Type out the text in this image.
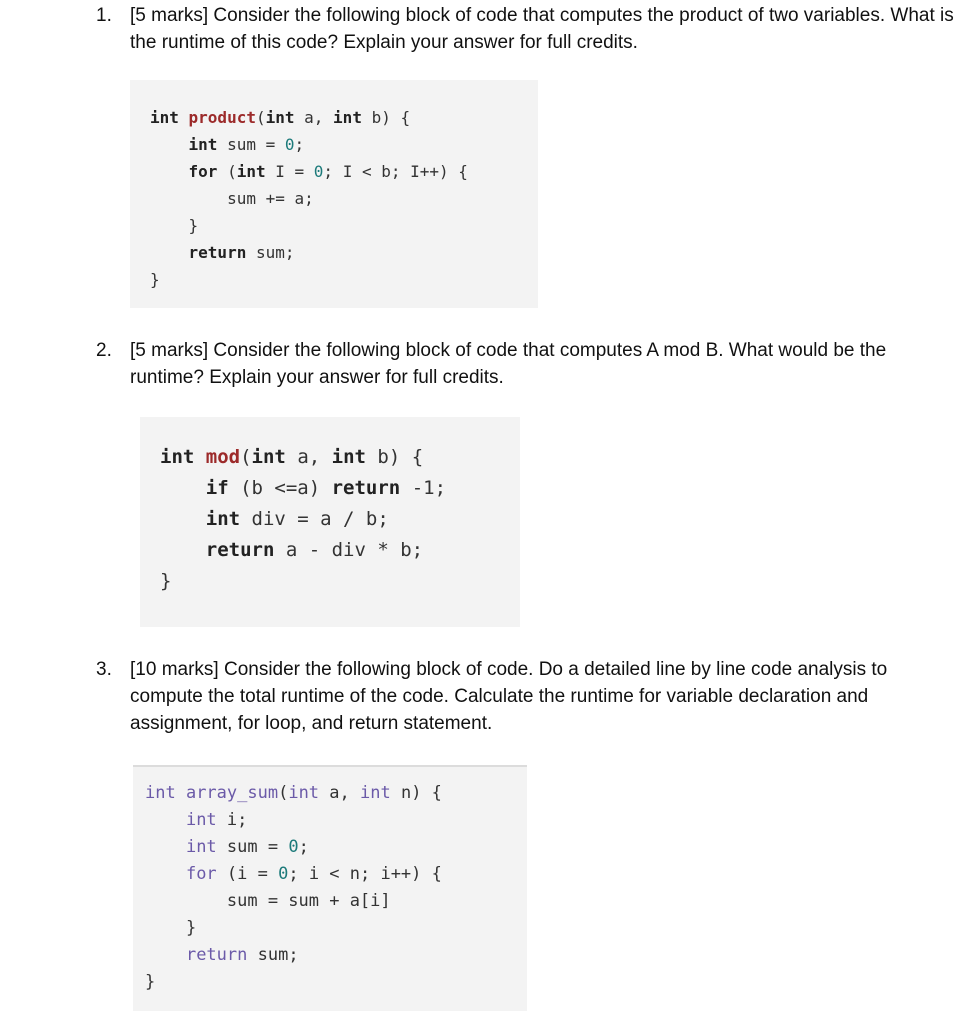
1. [5 marks] Consider the following block of code that computes the product of two variables. What is the runtime of this code? Explain your answer for full credits.
int product(int a, int b) {
int sum = 0;
for (int I = 0; I < b; I++) {
sum += a;
}
return sum;
}
2. [5 marks] Consider the following block of code that computes A mod B. What would be the runtime? Explain your answer for full credits.
int mod(int a, int b) {
if (b <=a) return -1;
int div = a / b;
return a - div * b;
}
3. [10 marks] Consider the following block of code. Do a detailed line by line code analysis to compute the total runtime of the code. Calculate the runtime for variable declaration and assignment, for loop, and return statement.
int array_sum(int a, int n) {
int i;
int sum = 0;
for (i = 0; i < n; i++) {
sum = sum + a[i]
}
return sum;
}
